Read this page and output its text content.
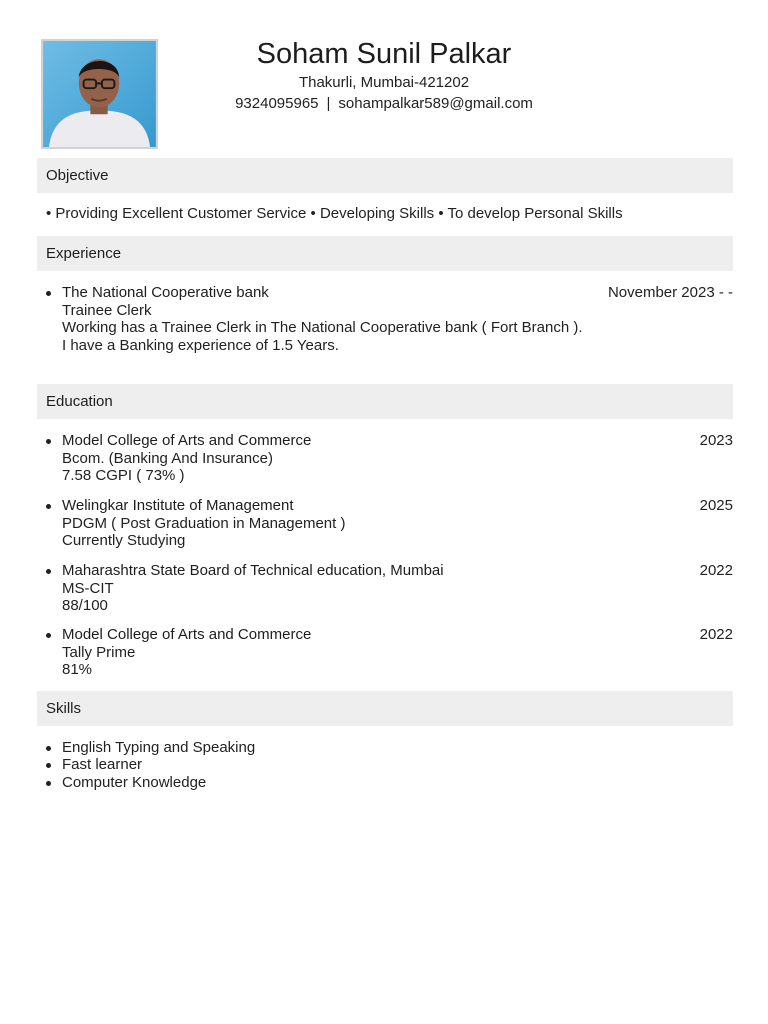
Soham Sunil Palkar
Thakurli, Mumbai-421202
9324095965 | sohampalkar589@gmail.com
Objective
• Providing Excellent Customer Service • Developing Skills • To develop Personal Skills
Experience
The National Cooperative bank
Trainee Clerk
Working has a Trainee Clerk in The National Cooperative bank ( Fort Branch ).
I have a Banking experience of 1.5 Years.
November 2023 - -
Education
Model College of Arts and Commerce
Bcom. (Banking And Insurance)
7.58 CGPI ( 73% )
2023
Welingkar Institute of Management
PDGM ( Post Graduation in Management )
Currently Studying
2025
Maharashtra State Board of Technical education, Mumbai
MS-CIT
88/100
2022
Model College of Arts and Commerce
Tally Prime
81%
2022
Skills
English Typing and Speaking
Fast learner
Computer Knowledge
